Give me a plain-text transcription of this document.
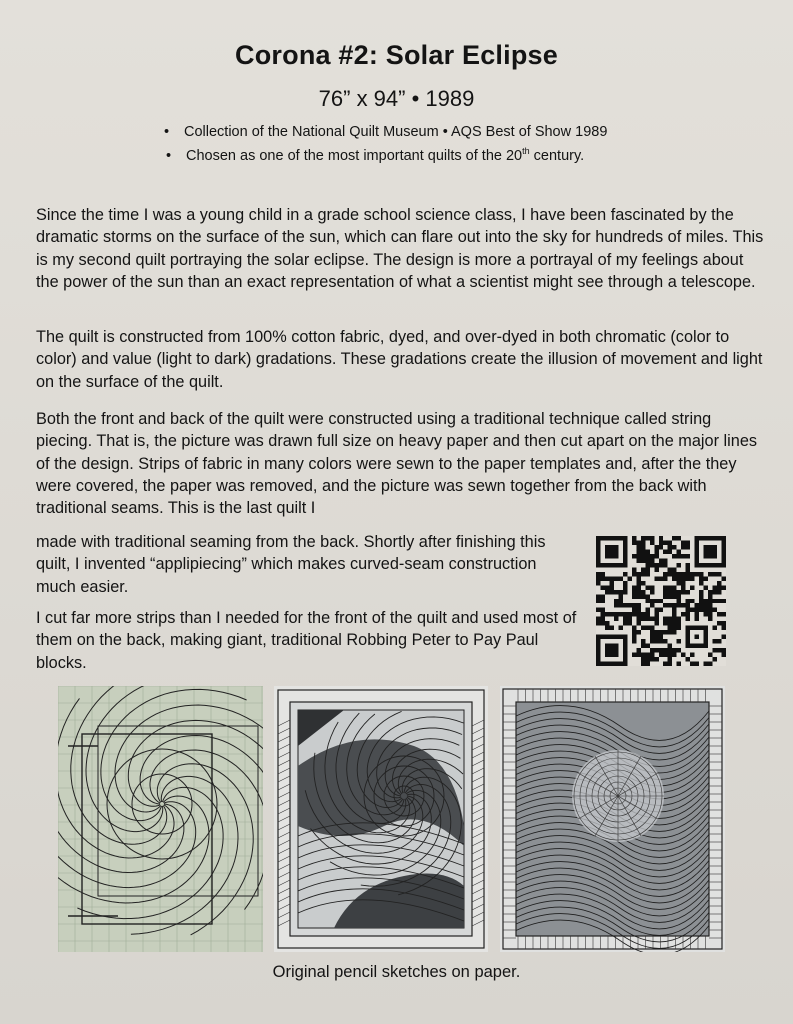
Corona #2: Solar Eclipse
76” x 94” • 1989
• Collection of the National Quilt Museum • AQS Best of Show 1989
• Chosen as one of the most important quilts of the 20th century.

Since the time I was a young child in a grade school science class, I have been fascinated by the dramatic storms on the surface of the sun, which can flare out into the sky for hundreds of miles. This is my second quilt portraying the solar eclipse. The design is more a portrayal of my feelings about the power of the sun than an exact representation of what a scientist might see through a telescope.

The quilt is constructed from 100% cotton fabric, dyed, and over-dyed in both chromatic (color to color) and value (light to dark) gradations. These gradations create the illusion of movement and light on the surface of the quilt.

Both the front and back of the quilt were constructed using a traditional technique called string piecing. That is, the picture was drawn full size on heavy paper and then cut apart on the major lines of the design. Strips of fabric in many colors were sewn to the paper templates and, after the they were covered, the paper was removed, and the picture was sewn together from the back with traditional seams. This is the last quilt I

made with traditional seaming from the back. Shortly after finishing this quilt, I invented “applipiecing” which makes curved-seam construction much easier.

I cut far more strips than I needed for the front of the quilt and used most of them on the back, making giant, traditional Robbing Peter to Pay Paul blocks.

Original pencil sketches on paper.
